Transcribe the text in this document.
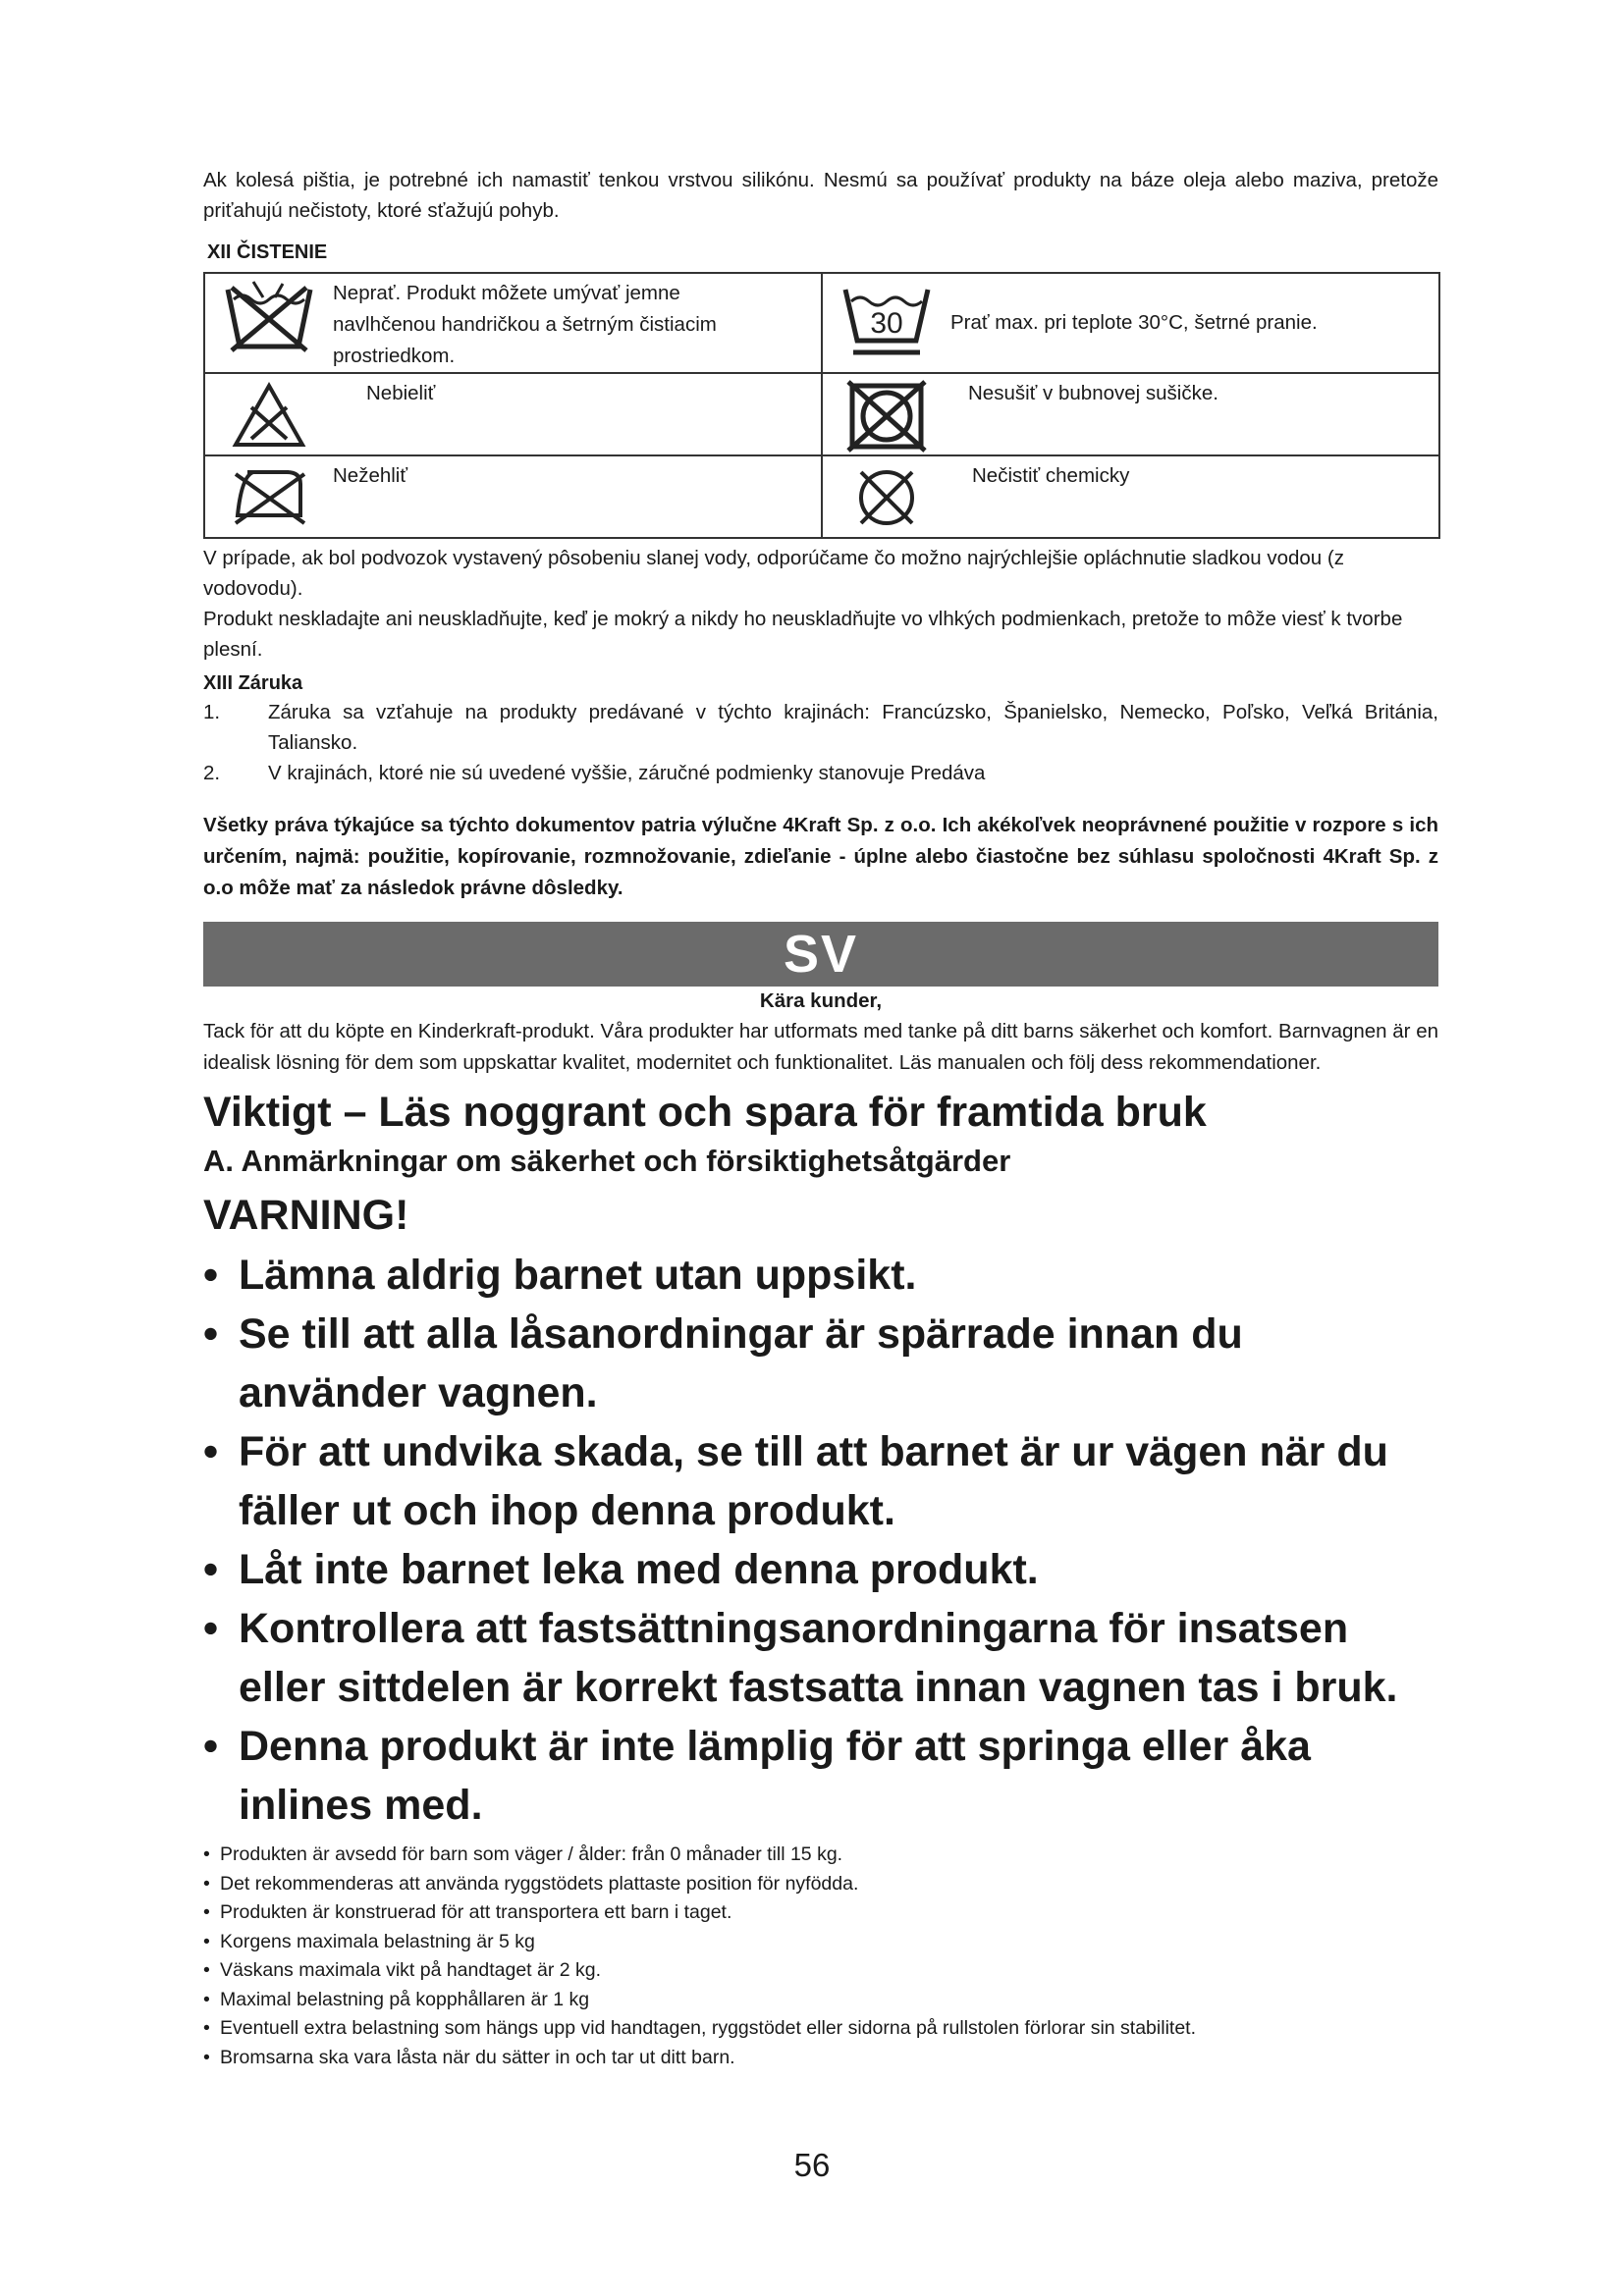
Ak kolesá pištia, je potrebné ich namastiť tenkou vrstvou silikónu. Nesmú sa používať produkty na báze oleja alebo maziva, pretože priťahujú nečistoty, ktoré sťažujú pohyb.

XII ČISTENIE
Neprať. Produkt môžete umývať jemne navlhčenou handričkou a šetrným čistiacim prostriedkom.	30 Prať max. pri teplote 30°C, šetrné pranie.

Nebieliť	Nesušiť v bubnovej sušičke.

Nežehliť	Nečistiť chemicky

V prípade, ak bol podvozok vystavený pôsobeniu slanej vody, odporúčame čo možno najrýchlejšie opláchnutie sladkou vodou (z vodovodu).

Produkt neskladajte ani neuskladňujte, keď je mokrý a nikdy ho neuskladňujte vo vlhkých podmienkach, pretože to môže viesť k tvorbe plesní.

XIII Záruka
1.	Záruka sa vzťahuje na produkty predávané v týchto krajinách: Francúzsko, Španielsko, Nemecko, Poľsko, Veľká Británia, Taliansko.
2.	V krajinách, ktoré nie sú uvedené vyššie, záručné podmienky stanovuje Predáva

Všetky práva týkajúce sa týchto dokumentov patria výlučne 4Kraft Sp. z o.o. Ich akékoľvek neoprávnené použitie v rozpore s ich určením, najmä: použitie, kopírovanie, rozmnožovanie, zdieľanie - úplne alebo čiastočne bez súhlasu spoločnosti 4Kraft Sp. z o.o môže mať za následok právne dôsledky.

SV
Kära kunder,

Tack för att du köpte en Kinderkraft-produkt. Våra produkter har utformats med tanke på ditt barns säkerhet och komfort. Barnvagnen är en idealisk lösning för dem som uppskattar kvalitet, modernitet och funktionalitet. Läs manualen och följ dess rekommendationer.

Viktigt – Läs noggrant och spara för framtida bruk
A. Anmärkningar om säkerhet och försiktighetsåtgärder
VARNING!
• Lämna aldrig barnet utan uppsikt.
• Se till att alla låsanordningar är spärrade innan du använder vagnen.
• För att undvika skada, se till att barnet är ur vägen när du fäller ut och ihop denna produkt.
• Låt inte barnet leka med denna produkt.
• Kontrollera att fastsättningsanordningarna för insatsen eller sittdelen är korrekt fastsatta innan vagnen tas i bruk.
• Denna produkt är inte lämplig för att springa eller åka inlines med.
• Produkten är avsedd för barn som väger / ålder: från 0 månader till 15 kg.
• Det rekommenderas att använda ryggstödets plattaste position för nyfödda.
• Produkten är konstruerad för att transportera ett barn i taget.
• Korgens maximala belastning är 5 kg
• Väskans maximala vikt på handtaget är 2 kg.
• Maximal belastning på kopphållaren är 1 kg
• Eventuell extra belastning som hängs upp vid handtagen, ryggstödet eller sidorna på rullstolen förlorar sin stabilitet.
• Bromsarna ska vara låsta när du sätter in och tar ut ditt barn.
56
